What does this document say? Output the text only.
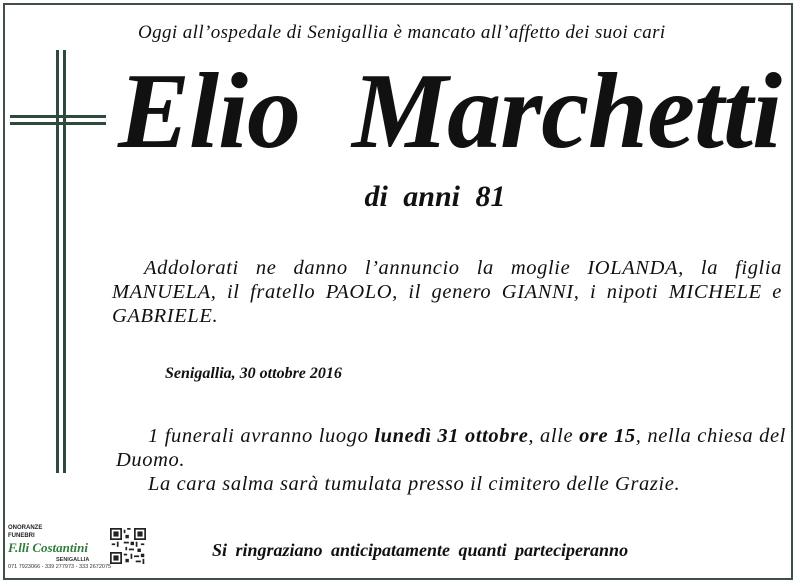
Oggi all’ospedale di Senigallia è mancato all’affetto dei suoi cari
Elio Marchetti
di anni 81
Addolorati ne danno l’annuncio la moglie IOLANDA, la figlia MANUELA, il fratello PAOLO, il genero GIANNI, i nipoti MICHELE e GABRIELE.
Senigallia, 30 ottobre 2016
1 funerali avranno luogo lunedì 31 ottobre, alle ore 15, nella chiesa del Duomo.
La cara salma sarà tumulata presso il cimitero delle Grazie.
Si ringraziano anticipatamente quanti parteciperanno
ONORANZE
FUNEBRI
F.lli Costantini
SENIGALLIA
071 7923066 - 339 277973 - 333 2672075
